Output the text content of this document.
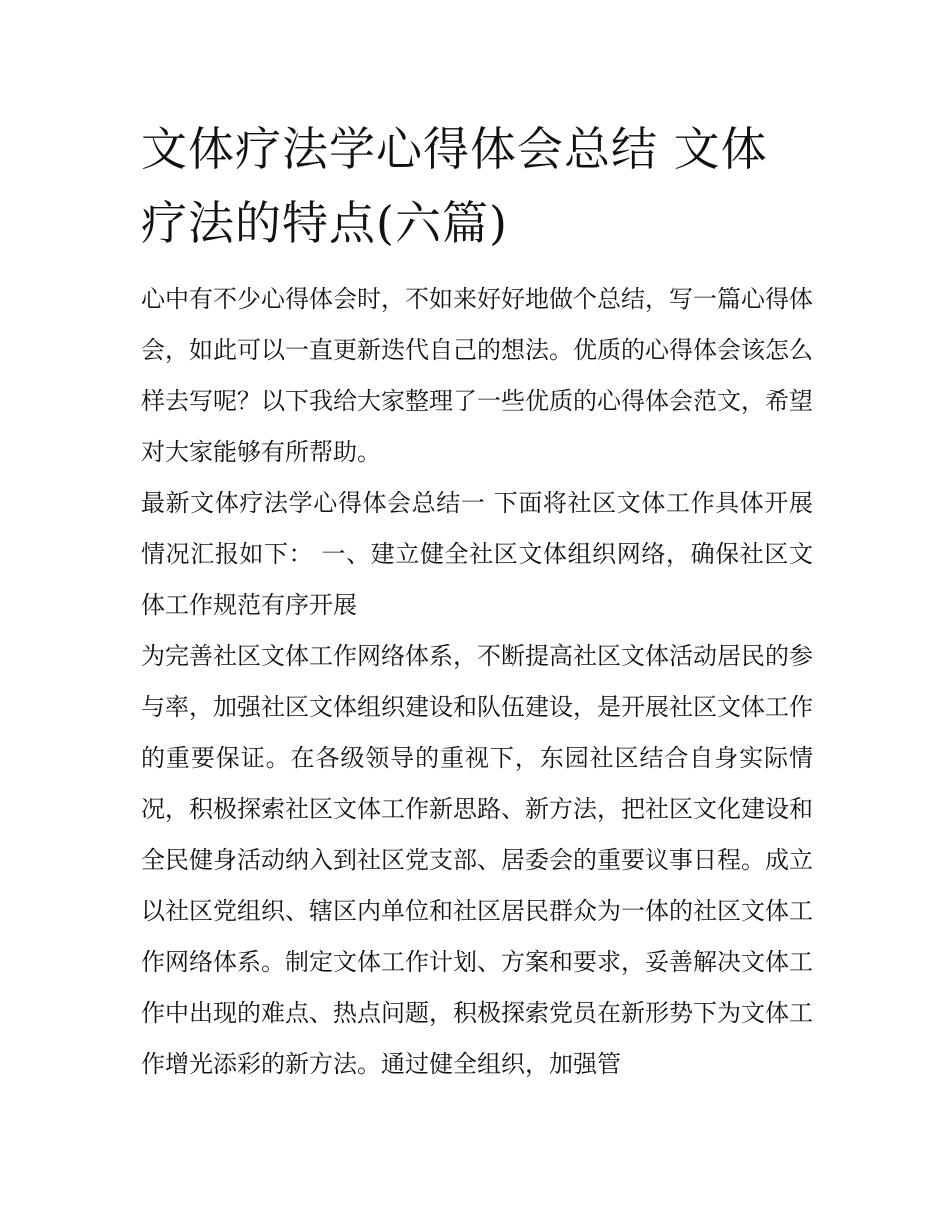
文体疗法学心得体会总结 文体疗法的特点(六篇)

心中有不少心得体会时，不如来好好地做个总结，写一篇心得体会，如此可以一直更新迭代自己的想法。优质的心得体会该怎么样去写呢？以下我给大家整理了一些优质的心得体会范文，希望对大家能够有所帮助。

最新文体疗法学心得体会总结一 下面将社区文体工作具体开展情况汇报如下： 一、建立健全社区文体组织网络，确保社区文体工作规范有序开展

为完善社区文体工作网络体系，不断提高社区文体活动居民的参与率，加强社区文体组织建设和队伍建设，是开展社区文体工作的重要保证。在各级领导的重视下，东园社区结合自身实际情况，积极探索社区文体工作新思路、新方法，把社区文化建设和全民健身活动纳入到社区党支部、居委会的重要议事日程。成立以社区党组织、辖区内单位和社区居民群众为一体的社区文体工作网络体系。制定文体工作计划、方案和要求，妥善解决文体工作中出现的难点、热点问题，积极探索党员在新形势下为文体工作增光添彩的新方法。通过健全组织，加强管
